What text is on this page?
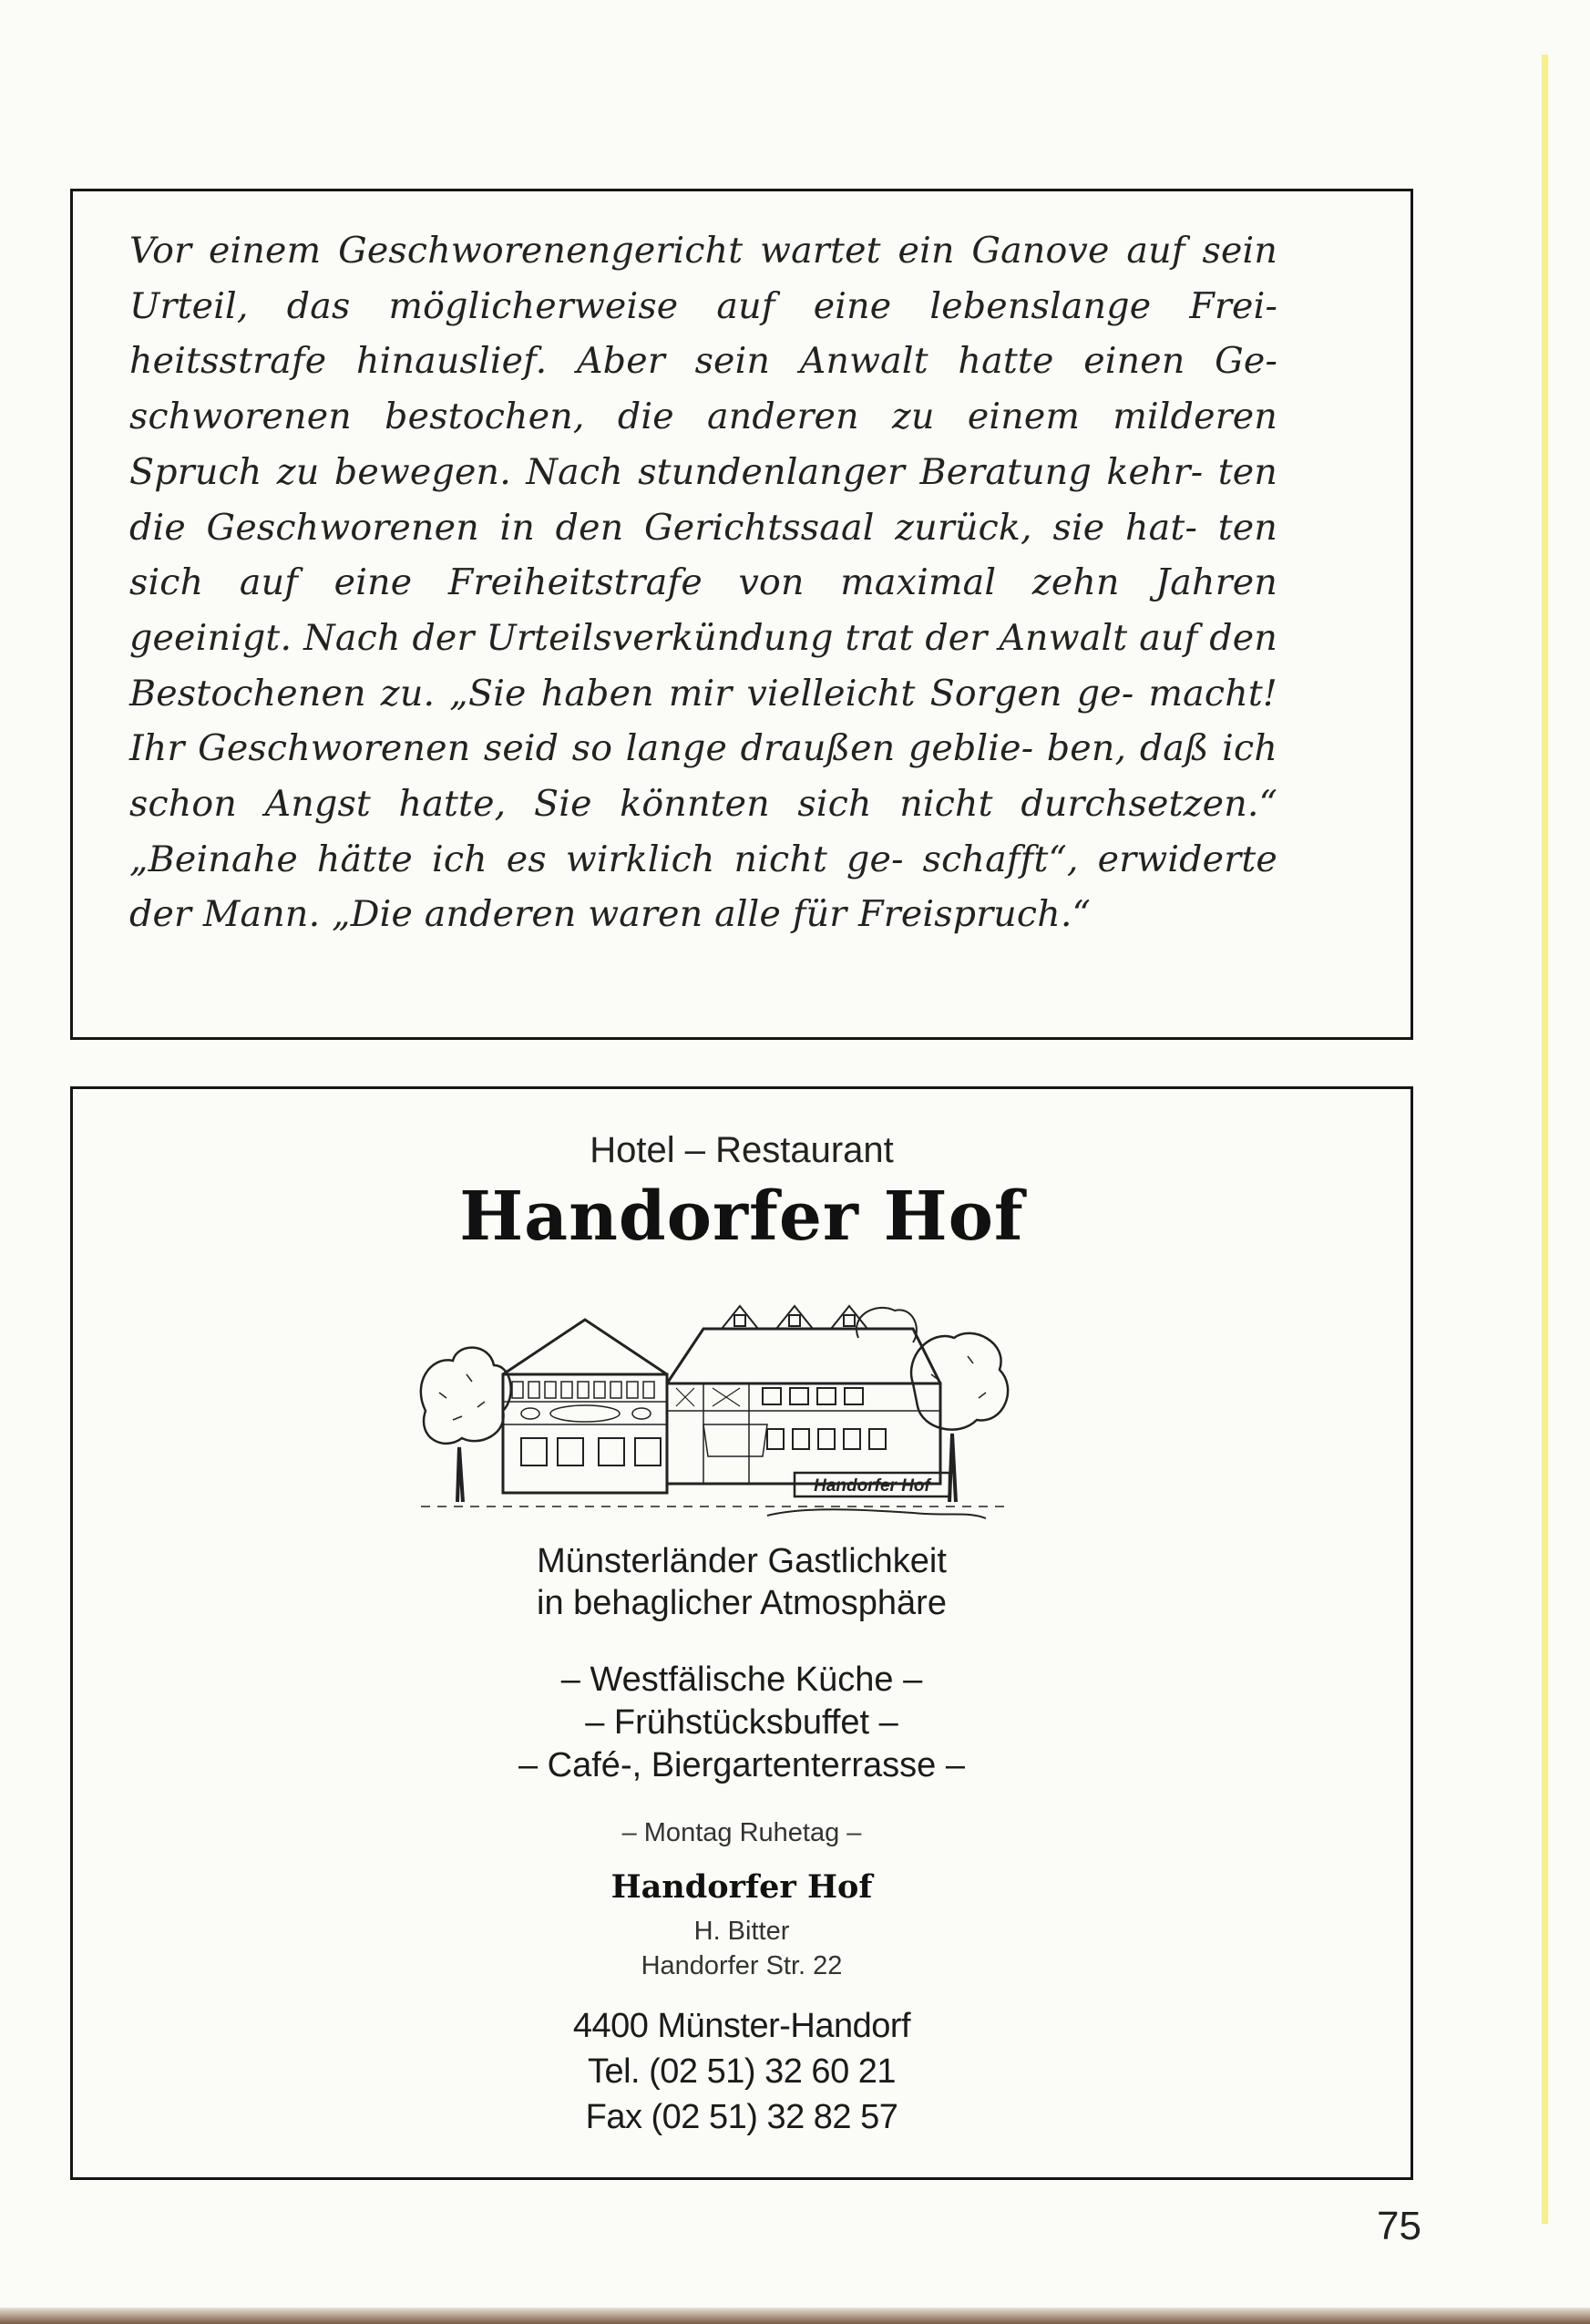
Vor einem Geschworenengericht wartet ein Ganove auf sein Urteil, das möglicherweise auf eine lebenslange Frei- heitsstrafe hinauslief. Aber sein Anwalt hatte einen Ge- schworenen bestochen, die anderen zu einem milderen Spruch zu bewegen. Nach stundenlanger Beratung kehr- ten die Geschworenen in den Gerichtssaal zurück, sie hat- ten sich auf eine Freiheitstrafe von maximal zehn Jahren geeinigt. Nach der Urteilsverkündung trat der Anwalt auf den Bestochenen zu. „Sie haben mir vielleicht Sorgen ge- macht! Ihr Geschworenen seid so lange draußen geblie- ben, daß ich schon Angst hatte, Sie könnten sich nicht durchsetzen.“ „Beinahe hätte ich es wirklich nicht ge- schafft“, erwiderte der Mann. „Die anderen waren alle für Freispruch.“

Hotel – Restaurant
Handorfer Hof
Handorfer Hof
Münsterländer Gastlichkeit
in behaglicher Atmosphäre
– Westfälische Küche –
– Frühstücksbuffet –
– Café-, Biergartenterrasse –
– Montag Ruhetag –
Handorfer Hof
H. Bitter
Handorfer Str. 22
4400 Münster-Handorf
Tel. (02 51) 32 60 21
Fax (02 51) 32 82 57
75
